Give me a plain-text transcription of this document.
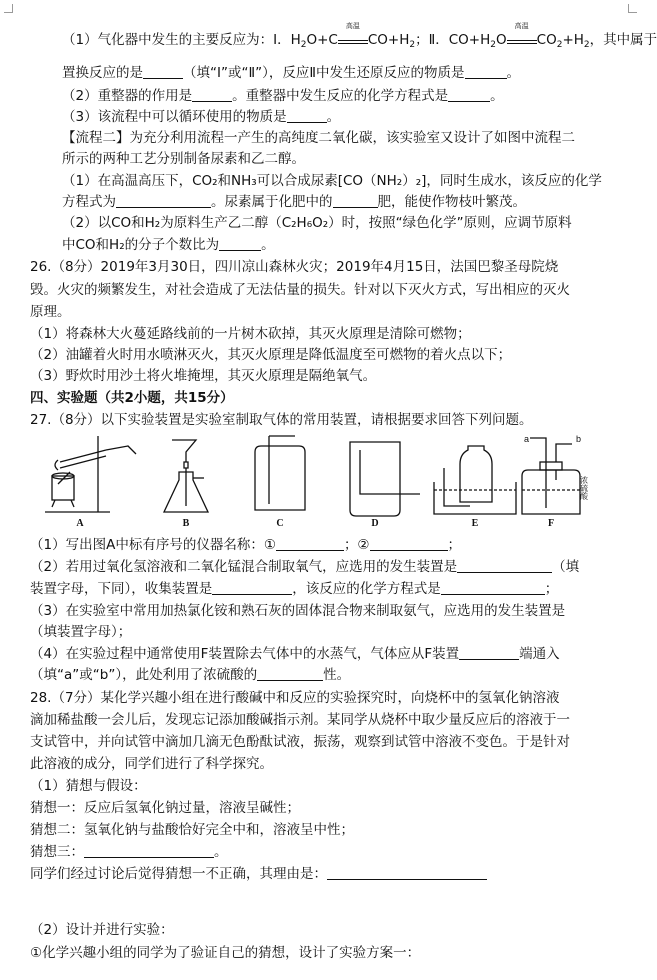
（1）气化器中发生的主要反应为：Ⅰ．$H_2O+C$
高温
$CO+H_2$；Ⅱ．$CO+H_2O$
高温
$CO_2+H_2$，其中属于
置换反应的是	（填“Ⅰ”或“Ⅱ”），反应Ⅱ中发生还原反应的物质是	。
（2）重整器的作用是	。重整器中发生反应的化学方程式是	。
（3）该流程中可以循环使用的物质是	。
【流程二】为充分利用流程一产生的高纯度二氧化碳，该实验室又设计了如图中流程二
所示的两种工艺分别制备尿素和乙二醇。
（1）在高温高压下，CO₂和NH₃可以合成尿素[CO（NH₂）₂]，同时生成水，该反应的化学
方程式为	。尿素属于化肥中的	肥，能使作物枝叶繁茂。
（2）以CO和H₂为原料生产乙二醇（C₂H₆O₂）时，按照“绿色化学”原则，应调节原料
中CO和H₂的分子个数比为	。
26.（8分）2019年3月30日，四川凉山森林火灾；2019年4月15日，法国巴黎圣母院烧
毁。火灾的频繁发生，对社会造成了无法估量的损失。针对以下灭火方式，写出相应的灭火
原理。
（1）将森林大火蔓延路线前的一片树木砍掉，其灭火原理是清除可燃物；
（2）油罐着火时用水喷淋灭火，其灭火原理是降低温度至可燃物的着火点以下；
（3）野炊时用沙土将火堆掩埋，其灭火原理是隔绝氧气。
四、实验题（共2小题，共15分）
27.（8分）以下实验装置是实验室制取气体的常用装置，请根据要求回答下列问题。
A	B	C	D	E	F
a	b
浓硫酸
（1）写出图A中标有序号的仪器名称：①	；②	；
（2）若用过氧化氢溶液和二氧化锰混合制取氧气，应选用的发生装置是	（填
装置字母，下同），收集装置是	，该反应的化学方程式是	；
（3）在实验室中常用加热氯化铵和熟石灰的固体混合物来制取氨气，应选用的发生装置是
（填装置字母）；
（4）在实验过程中通常使用F装置除去气体中的水蒸气，气体应从F装置	端通入
（填“a”或“b”），此处利用了浓硫酸的	性。
28.（7分）某化学兴趣小组在进行酸碱中和反应的实验探究时，向烧杯中的氢氧化钠溶液
滴加稀盐酸一会儿后，发现忘记添加酸碱指示剂。某同学从烧杯中取少量反应后的溶液于一
支试管中，并向试管中滴加几滴无色酚酞试液，振荡，观察到试管中溶液不变色。于是针对
此溶液的成分，同学们进行了科学探究。
（1）猜想与假设：
猜想一：反应后氢氧化钠过量，溶液呈碱性；
猜想二：氢氧化钠与盐酸恰好完全中和，溶液呈中性；
猜想三：	。
同学们经过讨论后觉得猜想一不正确，其理由是：
（2）设计并进行实验：
①化学兴趣小组的同学为了验证自己的猜想，设计了实验方案一：
